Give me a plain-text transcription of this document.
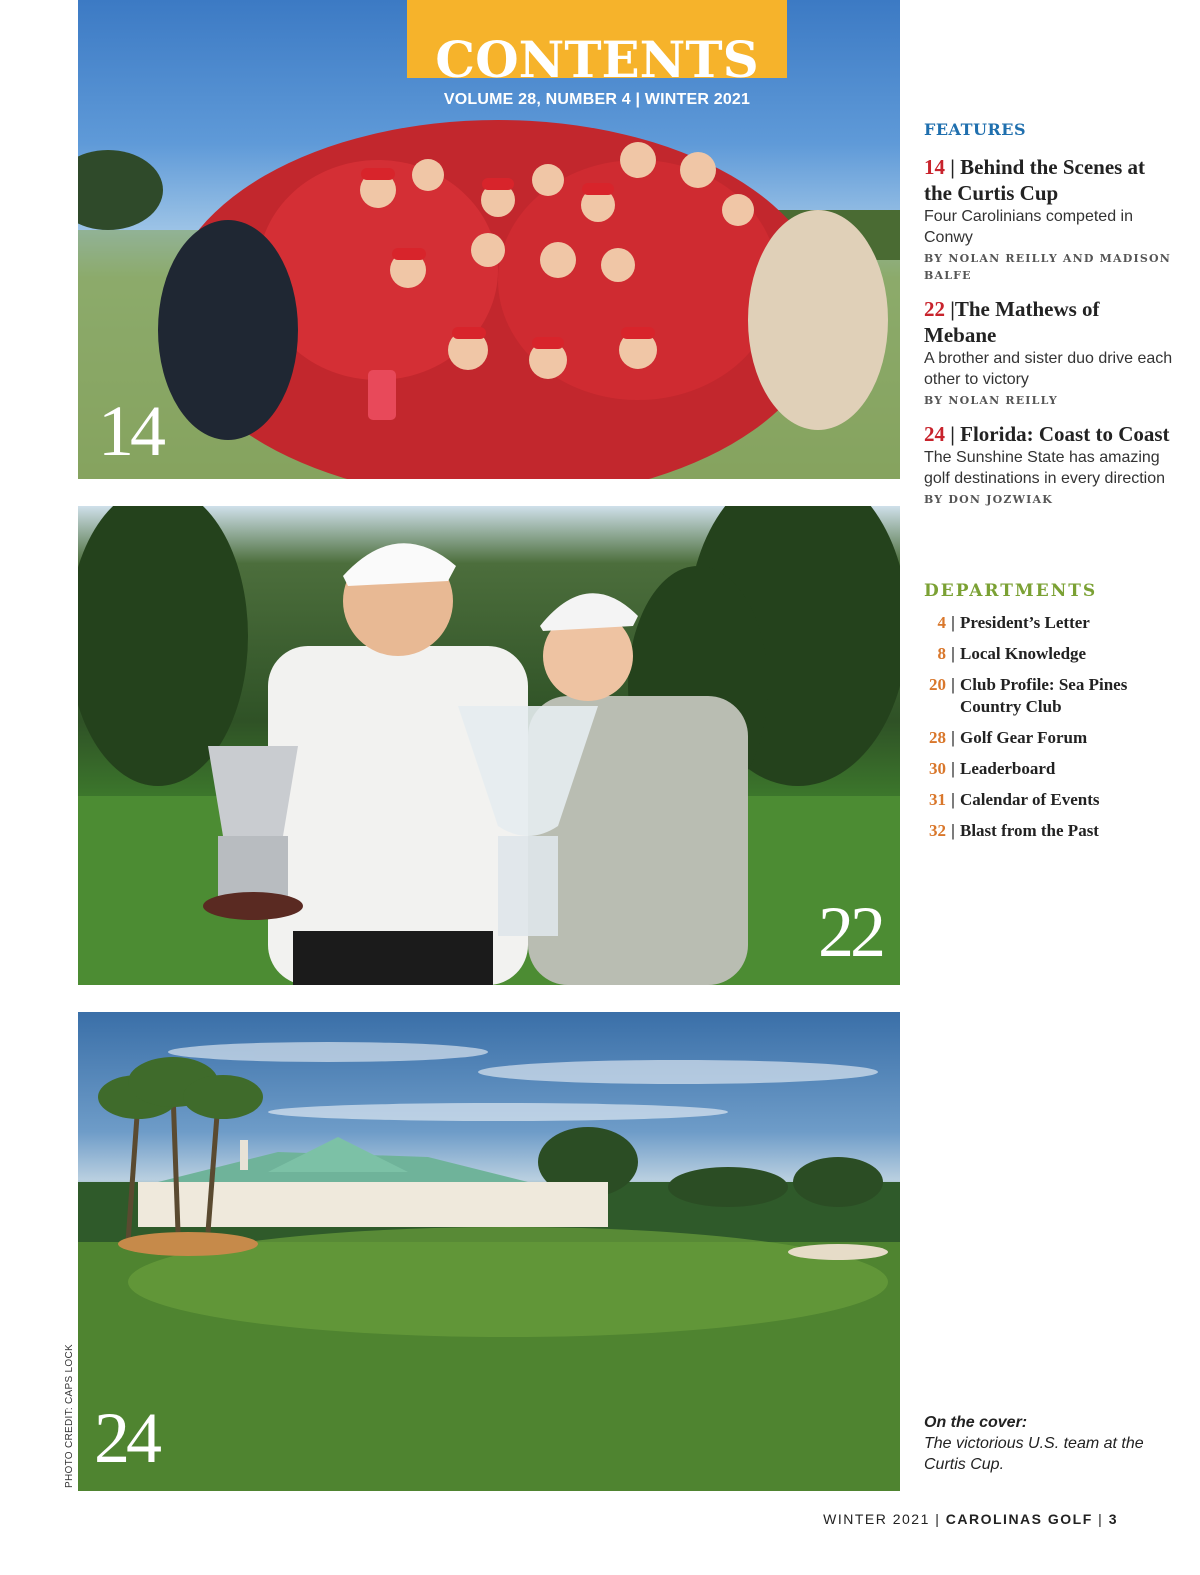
14
22
24
CONTENTS
VOLUME 28, NUMBER 4 | WINTER 2021
FEATURES
14 | Behind the Scenes at the Curtis Cup
Four Carolinians competed in Conwy
BY NOLAN REILLY AND MADISON BALFE
22 |The Mathews of Mebane
A brother and sister duo drive each other to victory
BY NOLAN REILLY
24 | Florida: Coast to Coast
The Sunshine State has amazing golf destinations in every direction
BY DON JOZWIAK
DEPARTMENTS
4 | President’s Letter
8 | Local Knowledge
20 | Club Profile: Sea Pines Country Club
28 | Golf Gear Forum
30 | Leaderboard
31 | Calendar of Events
32 | Blast from the Past
On the cover:
The victorious U.S. team at the Curtis Cup.
PHOTO CREDIT: CAPS LOCK
WINTER 2021 | CAROLINAS GOLF | 3
